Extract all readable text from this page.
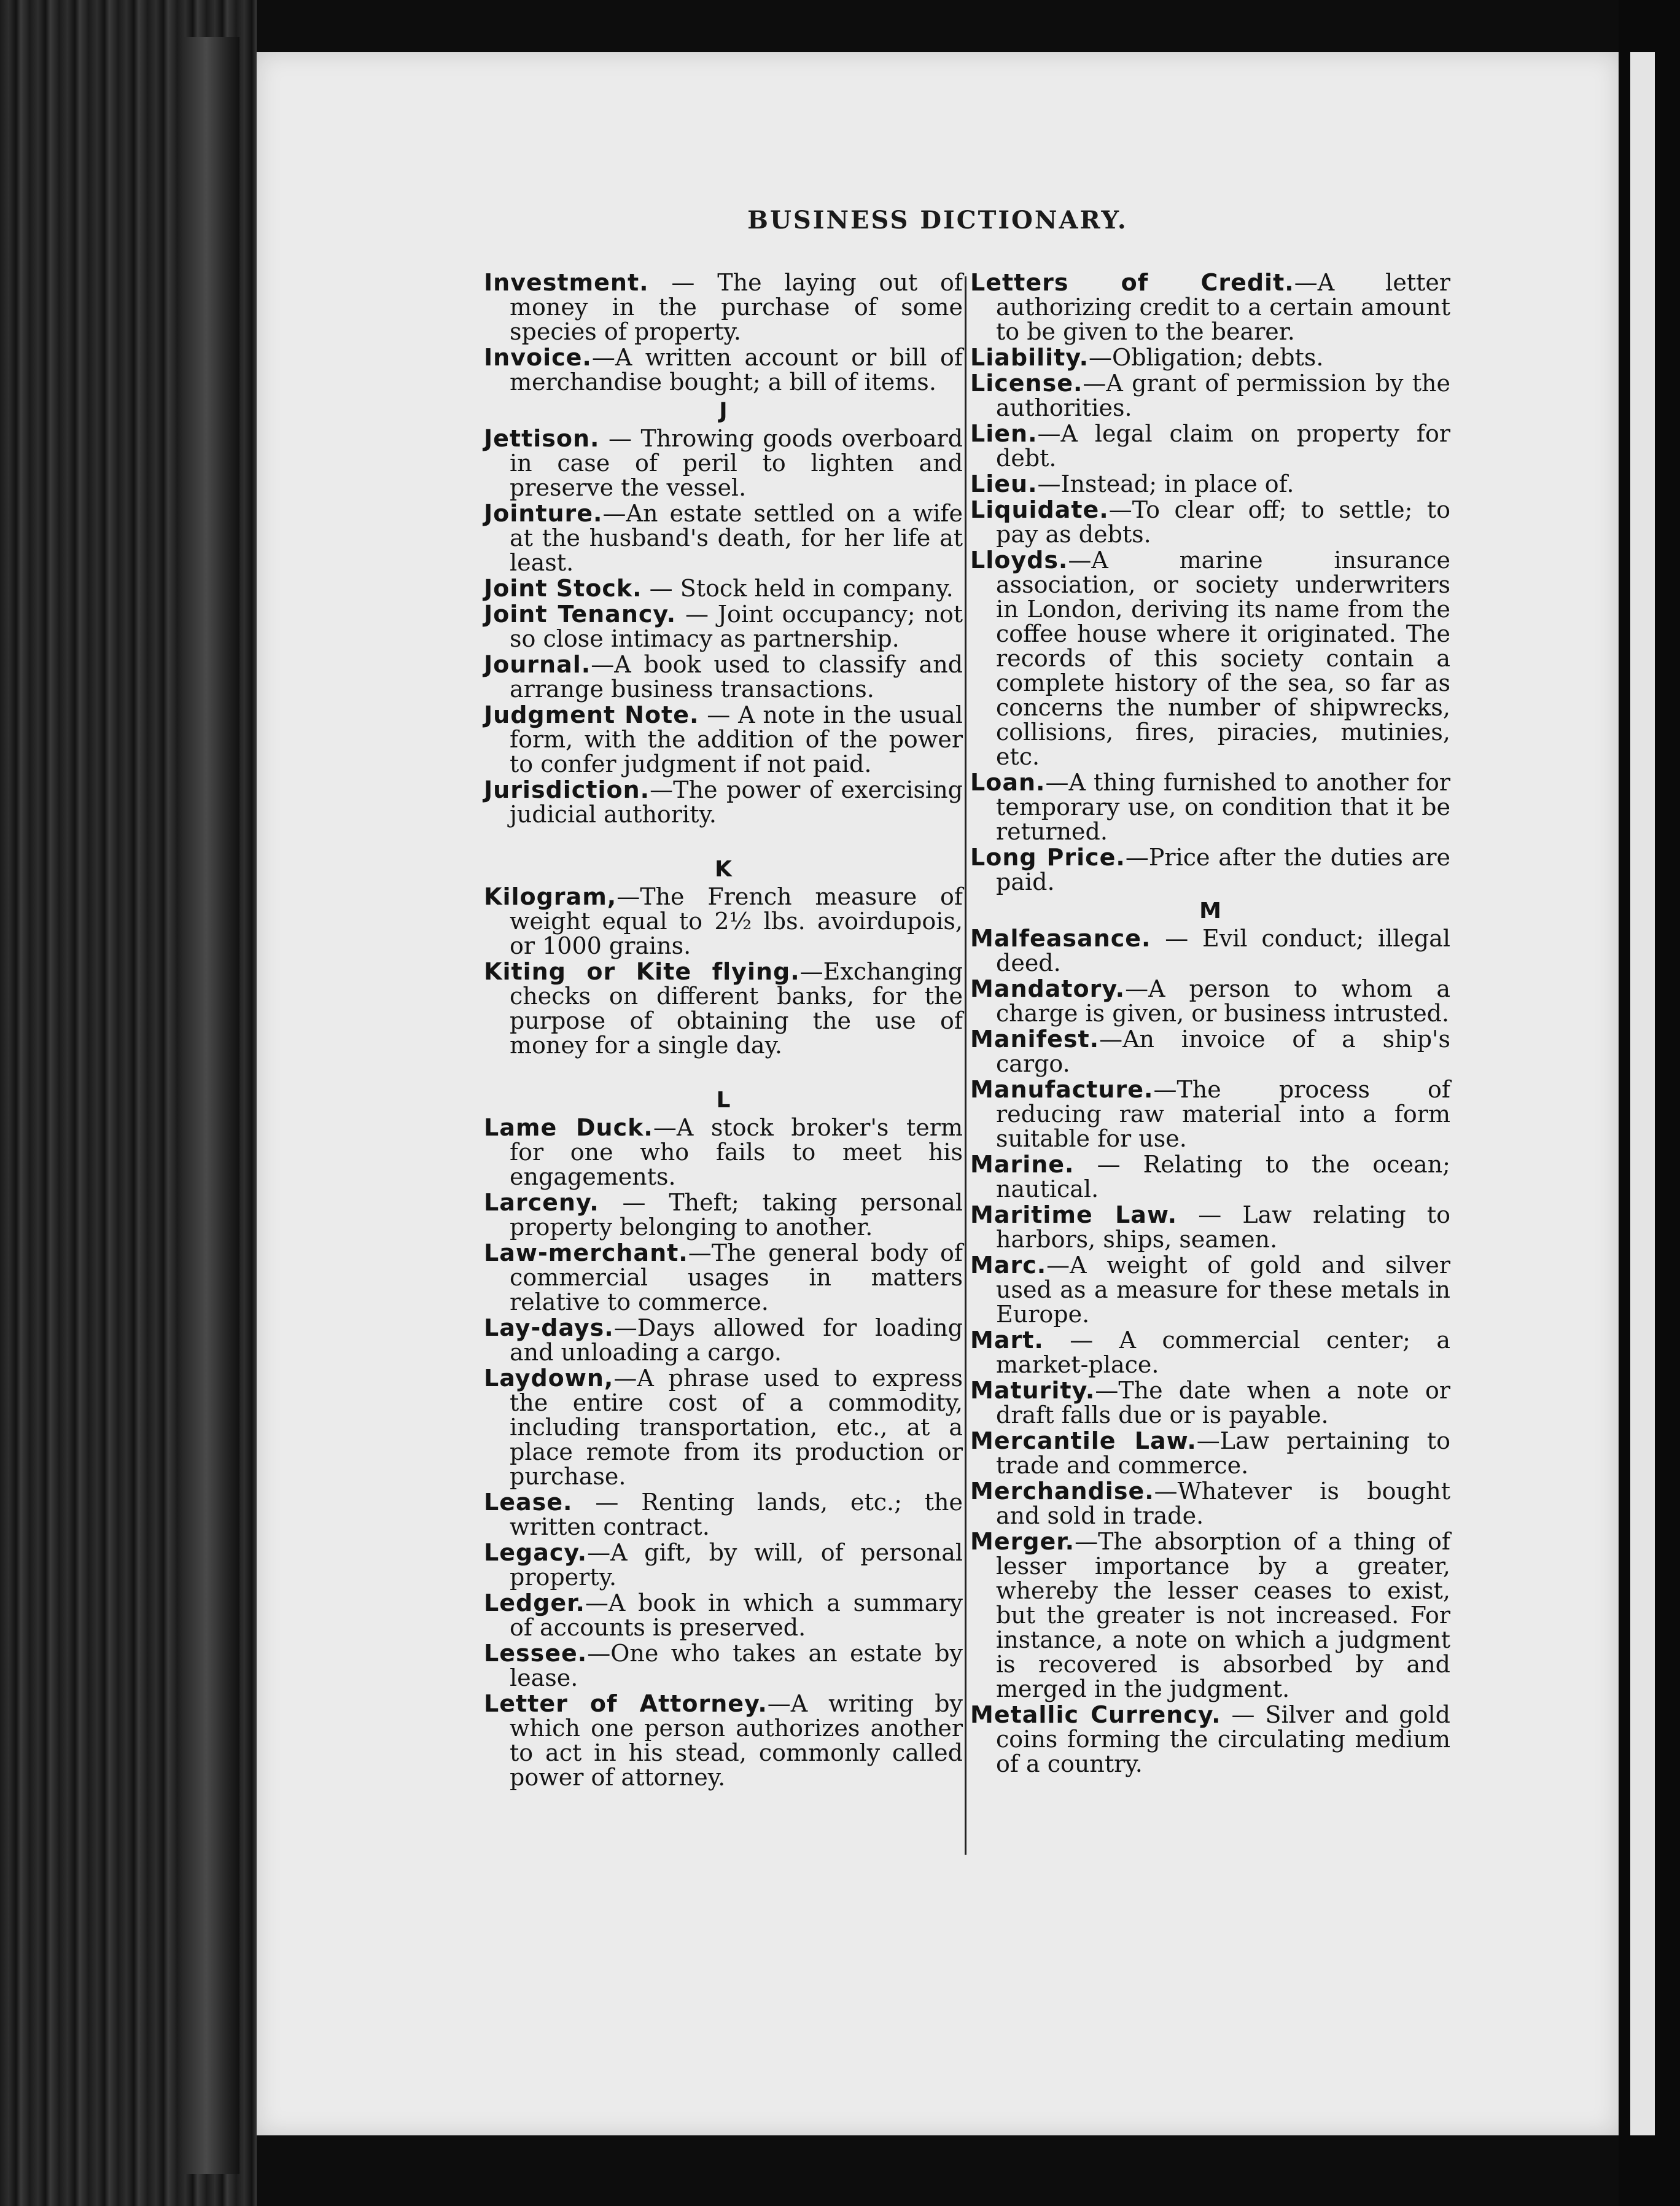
BUSINESS DICTIONARY.

Investment. — The laying out of money in the purchase of some species of property.

Invoice.—A written account or bill of merchandise bought; a bill of items.

J

Jettison. — Throwing goods overboard in case of peril to lighten and preserve the vessel.

Jointure.—An estate settled on a wife at the husband's death, for her life at least.

Joint Stock. — Stock held in company.

Joint Tenancy. — Joint occupancy; not so close intimacy as partnership.

Journal.—A book used to classify and arrange business transactions.

Judgment Note. — A note in the usual form, with the addition of the power to confer judgment if not paid.

Jurisdiction.—The power of exercising judicial authority.

K

Kilogram,—The French measure of weight equal to 2½ lbs. avoirdupois, or 1000 grains.

Kiting or Kite flying.—Exchanging checks on different banks, for the purpose of obtaining the use of money for a single day.

L

Lame Duck.—A stock broker's term for one who fails to meet his engagements.

Larceny. — Theft; taking personal property belonging to another.

Law-merchant.—The general body of commercial usages in matters relative to commerce.

Lay-days.—Days allowed for loading and unloading a cargo.

Laydown,—A phrase used to express the entire cost of a commodity, including transportation, etc., at a place remote from its production or purchase.

Lease. — Renting lands, etc.; the written contract.

Legacy.—A gift, by will, of personal property.

Ledger.—A book in which a summary of accounts is preserved.

Lessee.—One who takes an estate by lease.

Letter of Attorney.—A writing by which one person authorizes another to act in his stead, commonly called power of attorney.

Letters of Credit.—A letter authorizing credit to a certain amount to be given to the bearer.

Liability.—Obligation; debts.

License.—A grant of permission by the authorities.

Lien.—A legal claim on property for debt.

Lieu.—Instead; in place of.

Liquidate.—To clear off; to settle; to pay as debts.

Lloyds.—A marine insurance association, or society underwriters in London, deriving its name from the coffee house where it originated. The records of this society contain a complete history of the sea, so far as concerns the number of shipwrecks, collisions, fires, piracies, mutinies, etc.

Loan.—A thing furnished to another for temporary use, on condition that it be returned.

Long Price.—Price after the duties are paid.

M

Malfeasance. — Evil conduct; illegal deed.

Mandatory.—A person to whom a charge is given, or business intrusted.

Manifest.—An invoice of a ship's cargo.

Manufacture.—The process of reducing raw material into a form suitable for use.

Marine. — Relating to the ocean; nautical.

Maritime Law. — Law relating to harbors, ships, seamen.

Marc.—A weight of gold and silver used as a measure for these metals in Europe.

Mart. — A commercial center; a market-place.

Maturity.—The date when a note or draft falls due or is payable.

Mercantile Law.—Law pertaining to trade and commerce.

Merchandise.—Whatever is bought and sold in trade.

Merger.—The absorption of a thing of lesser importance by a greater, whereby the lesser ceases to exist, but the greater is not increased. For instance, a note on which a judgment is recovered is absorbed by and merged in the judgment.

Metallic Currency. — Silver and gold coins forming the circulating medium of a country.
